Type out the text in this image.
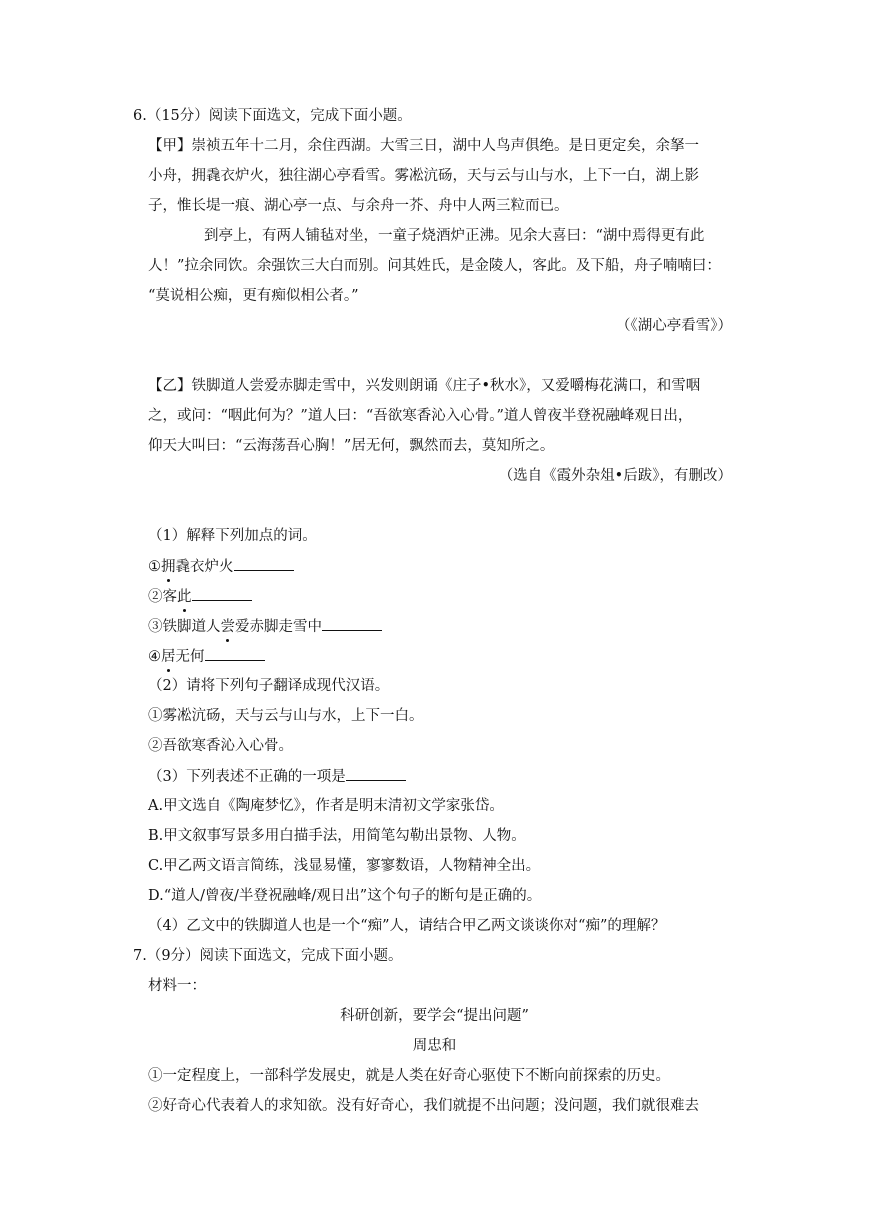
6.（15分）阅读下面选文，完成下面小题。
【甲】崇祯五年十二月，余住西湖。大雪三日，湖中人鸟声俱绝。是日更定矣，余拏一
小舟，拥毳衣炉火，独往湖心亭看雪。雾凇沆砀，天与云与山与水，上下一白，湖上影
子，惟长堤一痕、湖心亭一点、与余舟一芥、舟中人两三粒而已。
到亭上，有两人铺毡对坐，一童子烧酒炉正沸。见余大喜曰：“湖中焉得更有此
人！”拉余同饮。余强饮三大白而别。问其姓氏，是金陵人，客此。及下船，舟子喃喃曰：
“莫说相公痴，更有痴似相公者。”
（《湖心亭看雪》）
【乙】铁脚道人尝爱赤脚走雪中，兴发则朗诵《庄子•秋水》，又爱嚼梅花满口，和雪咽
之，或问：“咽此何为？”道人曰：“吾欲寒香沁入心骨。”道人曾夜半登祝融峰观日出，
仰天大叫曰：“云海荡吾心胸！”居无何，飘然而去，莫知所之。
（选自《霞外杂俎•后跋》，有删改）
（1）解释下列加点的词。
①拥毳衣炉火
②客此
③铁脚道人尝爱赤脚走雪中
④居无何
（2）请将下列句子翻译成现代汉语。
①雾凇沆砀，天与云与山与水，上下一白。
②吾欲寒香沁入心骨。
（3）下列表述不正确的一项是
A.甲文选自《陶庵梦忆》，作者是明末清初文学家张岱。
B.甲文叙事写景多用白描手法，用简笔勾勒出景物、人物。
C.甲乙两文语言简练，浅显易懂，寥寥数语，人物精神全出。
D.“道人/曾夜/半登祝融峰/观日出”这个句子的断句是正确的。
（4）乙文中的铁脚道人也是一个“痴”人，请结合甲乙两文谈谈你对“痴”的理解？
7.（9分）阅读下面选文，完成下面小题。
材料一：
科研创新，要学会“提出问题”
周忠和
①一定程度上，一部科学发展史，就是人类在好奇心驱使下不断向前探索的历史。
②好奇心代表着人的求知欲。没有好奇心，我们就提不出问题；没问题，我们就很难去
